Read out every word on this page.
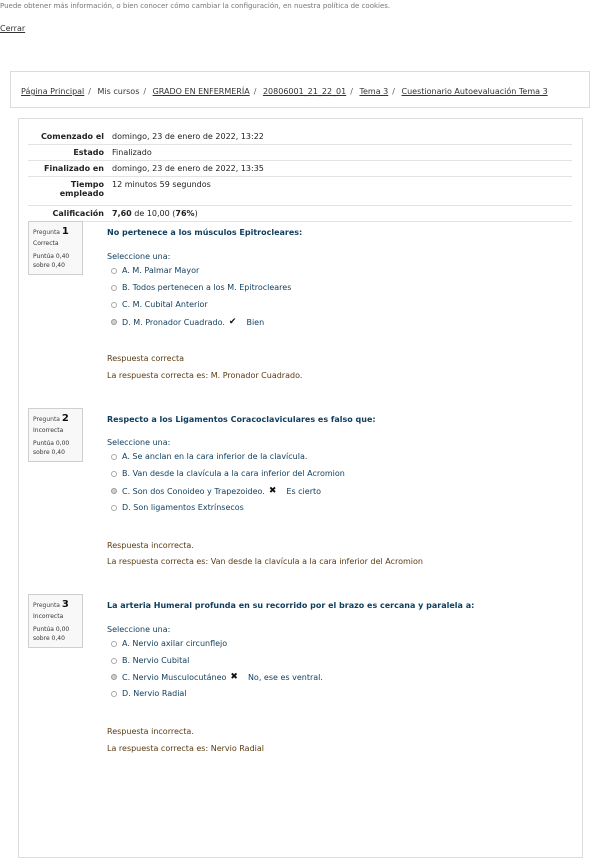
Puede obtener más información, o bien conocer cómo cambiar la configuración, en nuestra política de cookies.
Cerrar
Página Principal / Mis cursos / GRADO EN ENFERMERÍA / 20806001_21_22_01 / Tema 3 / Cuestionario Autoevaluación Tema 3
Comenzado el	domingo, 23 de enero de 2022, 13:22
Estado	Finalizado
Finalizado en	domingo, 23 de enero de 2022, 13:35
Tiempo empleado	12 minutos 59 segundos
Calificación	7,60 de 10,00 (76%)
Pregunta 1
Correcta
Puntúa 0,40 sobre 0,40
No pertenece a los músculos Epitrocleares:
Seleccione una:
A. M. Palmar Mayor
B. Todos pertenecen a los M. Epitrocleares
C. M. Cubital Anterior
D. M. Pronador Cuadrado. ✔ Bien
Respuesta correcta
La respuesta correcta es: M. Pronador Cuadrado.
Pregunta 2
Incorrecta
Puntúa 0,00 sobre 0,40
Respecto a los Ligamentos Coracoclaviculares es falso que:
Seleccione una:
A. Se anclan en la cara inferior de la clavícula.
B. Van desde la clavícula a la cara inferior del Acromion
C. Son dos Conoideo y Trapezoideo. ✖ Es cierto
D. Son ligamentos Extrínsecos
Respuesta incorrecta.
La respuesta correcta es: Van desde la clavícula a la cara inferior del Acromion
Pregunta 3
Incorrecta
Puntúa 0,00 sobre 0,40
La arteria Humeral profunda en su recorrido por el brazo es cercana y paralela a:
Seleccione una:
A. Nervio axilar circunflejo
B. Nervio Cubital
C. Nervio Musculocutáneo ✖ No, ese es ventral.
D. Nervio Radial
Respuesta incorrecta.
La respuesta correcta es: Nervio Radial
